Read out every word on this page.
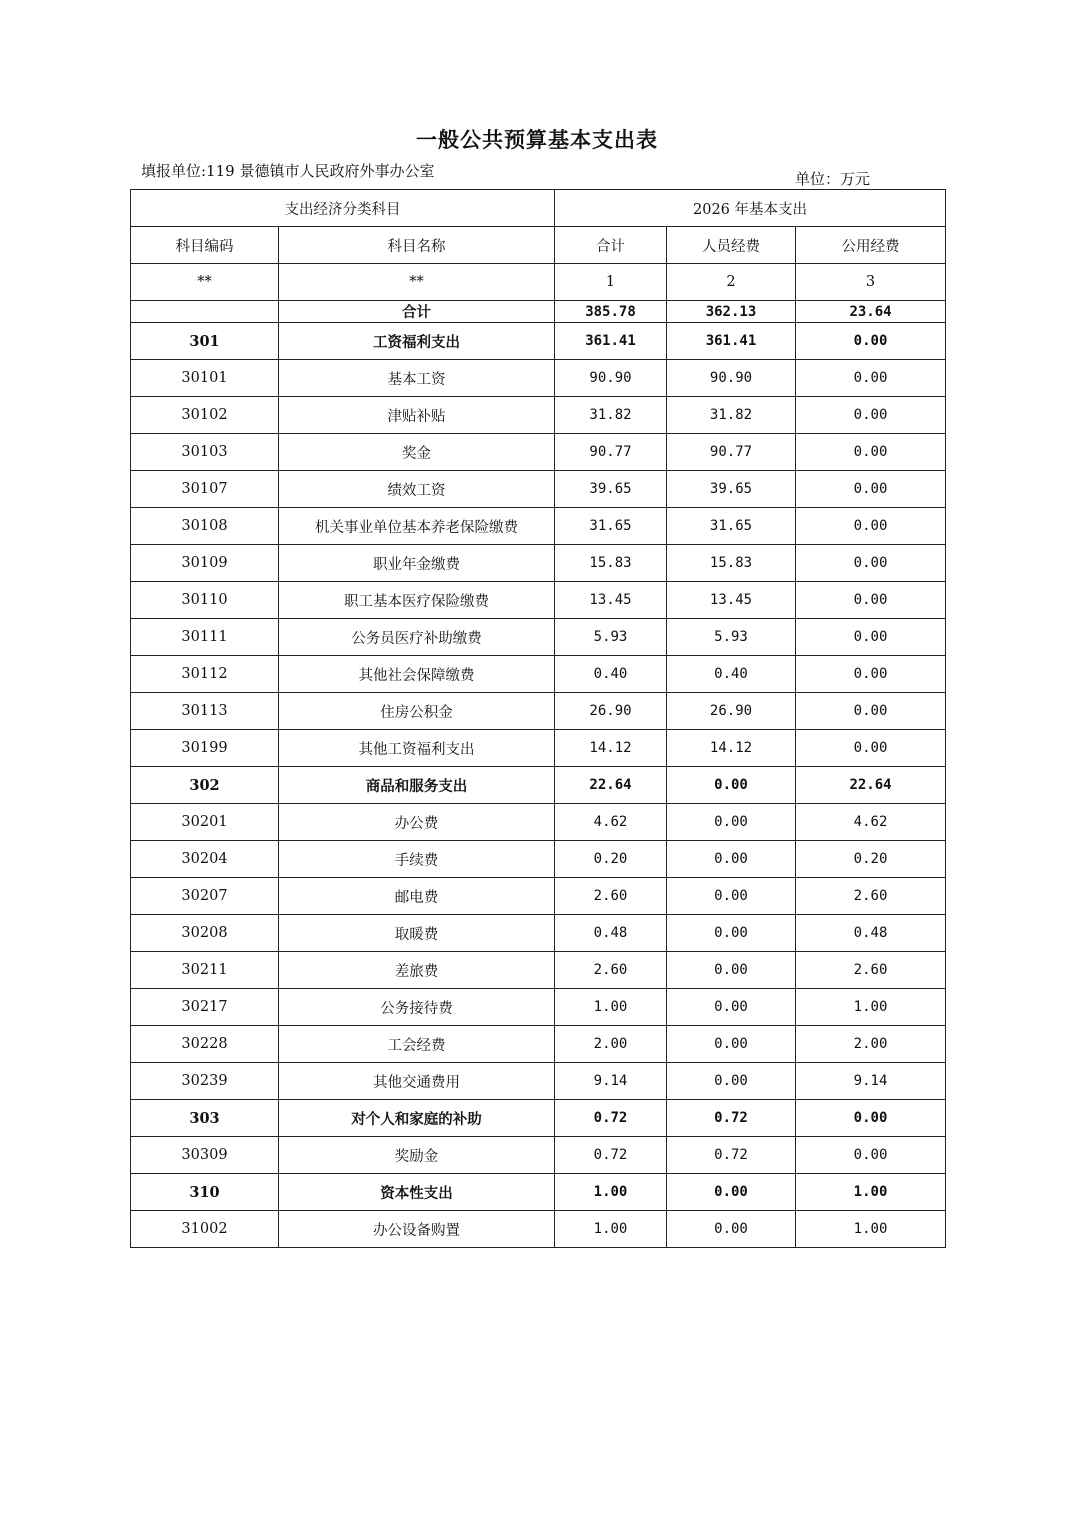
一般公共预算基本支出表
填报单位:119 景德镇市人民政府外事办公室	单位：万元
支出经济分类科目		2026 年基本支出		
科目编码	科目名称	合计	人员经费	公用经费
**	**	1	2	3
	合计	385.78	362.13	23.64
301	工资福利支出	361.41	361.41	0.00
30101	基本工资	90.90	90.90	0.00
30102	津贴补贴	31.82	31.82	0.00
30103	奖金	90.77	90.77	0.00
30107	绩效工资	39.65	39.65	0.00
30108	机关事业单位基本养老保险缴费	31.65	31.65	0.00
30109	职业年金缴费	15.83	15.83	0.00
30110	职工基本医疗保险缴费	13.45	13.45	0.00
30111	公务员医疗补助缴费	5.93	5.93	0.00
30112	其他社会保障缴费	0.40	0.40	0.00
30113	住房公积金	26.90	26.90	0.00
30199	其他工资福利支出	14.12	14.12	0.00
302	商品和服务支出	22.64	0.00	22.64
30201	办公费	4.62	0.00	4.62
30204	手续费	0.20	0.00	0.20
30207	邮电费	2.60	0.00	2.60
30208	取暖费	0.48	0.00	0.48
30211	差旅费	2.60	0.00	2.60
30217	公务接待费	1.00	0.00	1.00
30228	工会经费	2.00	0.00	2.00
30239	其他交通费用	9.14	0.00	9.14
303	对个人和家庭的补助	0.72	0.72	0.00
30309	奖励金	0.72	0.72	0.00
310	资本性支出	1.00	0.00	1.00
31002	办公设备购置	1.00	0.00	1.00
